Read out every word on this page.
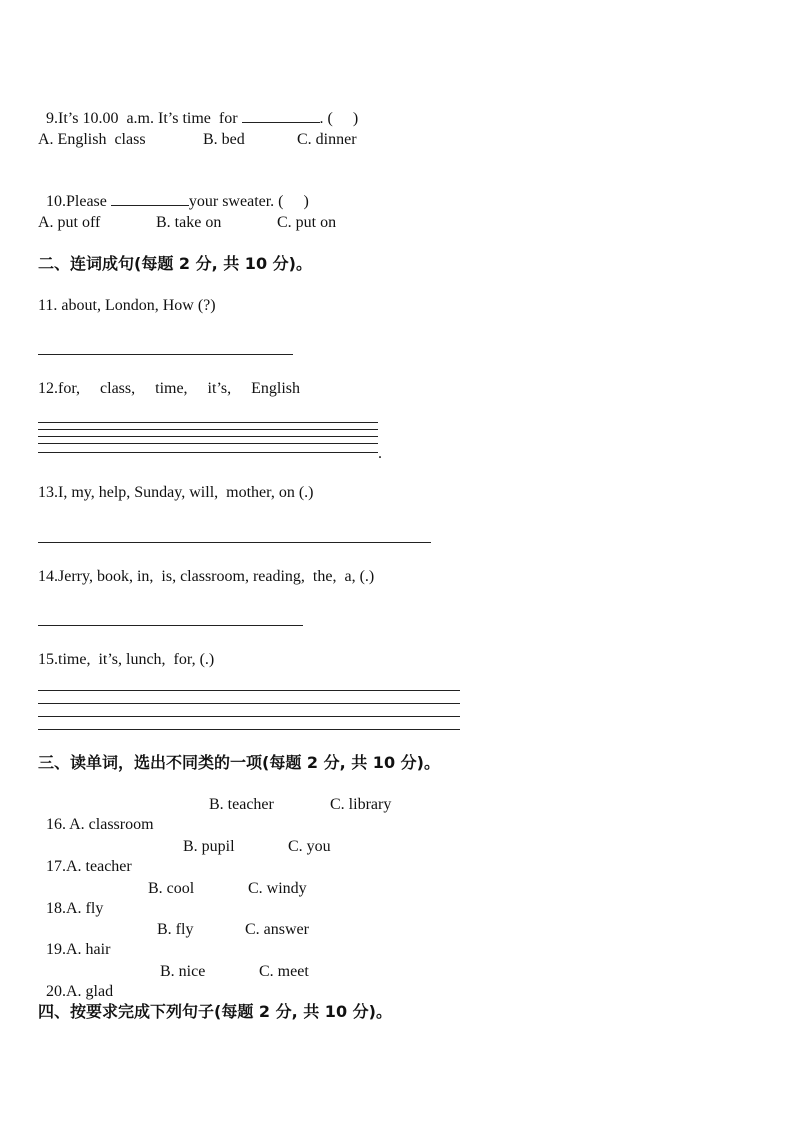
9.It’s 10.00  a.m. It’s time  for	. (     )

A. English  class	B. bed	C. dinner

10.Please	your sweater. (     )

A. put off	B. take on	C. put on
二、连词成句(每题 2 分, 共 10 分)。
11. about, London, How (?)
12.for,     class,     time,     it’s,     English
.
13.I, my, help, Sunday, will,  mother, on (.)
14.Jerry, book, in,  is, classroom, reading,  the,  a, (.)
15.time,  it’s, lunch,  for, (.)
三、读单词，选出不同类的一项(每题 2 分, 共 10 分)。

16. A. classroom

B. teacher	C. library

17.A. teacher

B. pupil	C. you

18.A. fly

B. cool	C. windy

19.A. hair

B. fly	C. answer

20.A. glad

B. nice	C. meet
四、按要求完成下列句子(每题 2 分, 共 10 分)。
